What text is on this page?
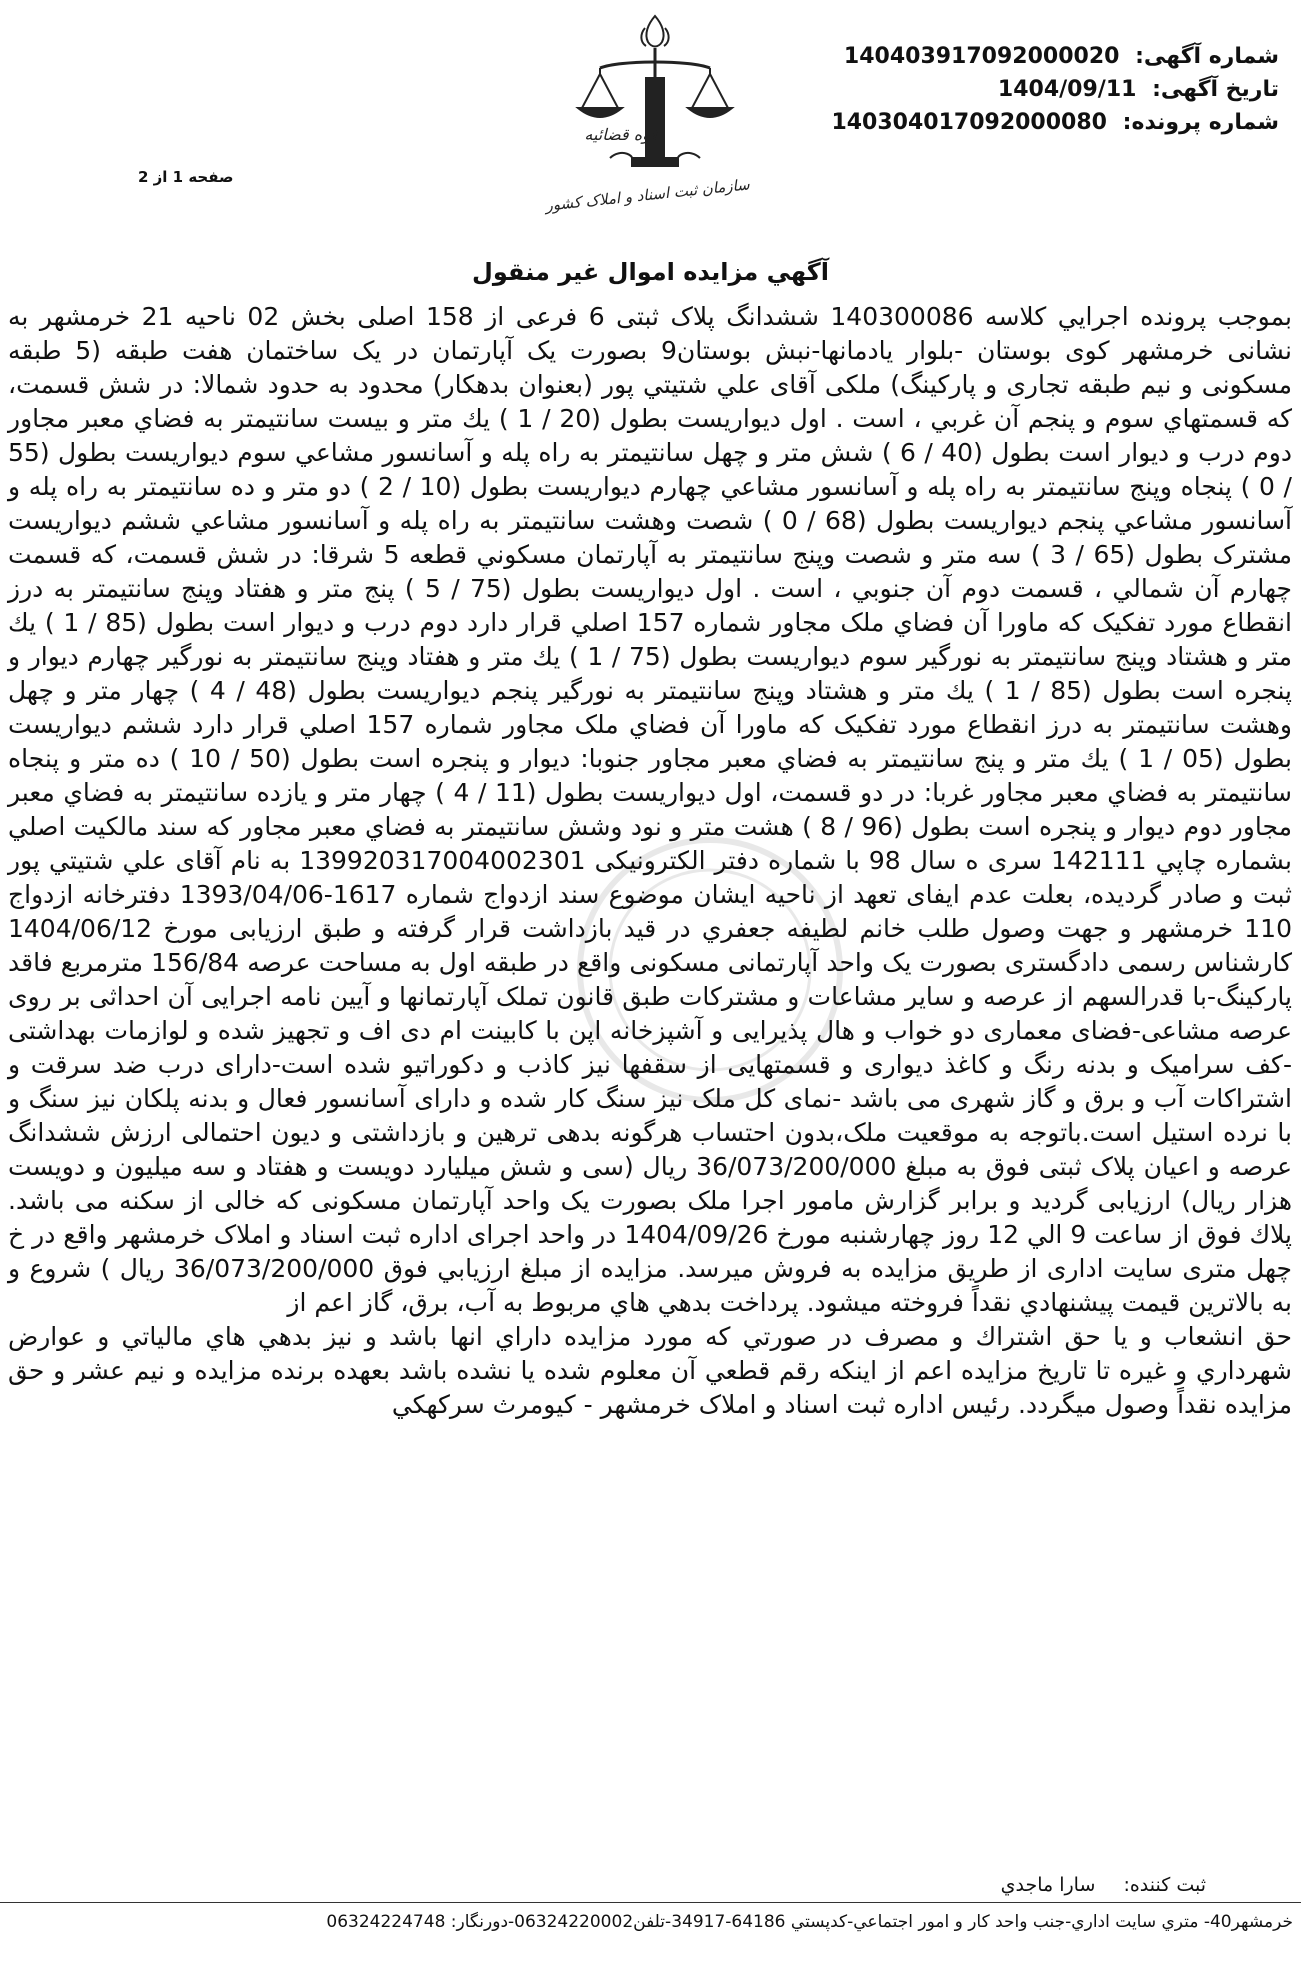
قوه قضائیه
سازمان ثبت اسناد و املاک کشور
شماره آگهی: 140403917092000020
تاریخ آگهی: 1404/09/11
شماره پرونده: 140304017092000080
صفحه 1 از 2
آگهي مزايده اموال غير منقول

بموجب پرونده اجرايي كلاسه 140300086 ششدانگ پلاک ثبتی 6 فرعی از 158 اصلی بخش 02 ناحیه 21 خرمشهر به نشانی خرمشهر کوی بوستان -بلوار یادمانها-نبش بوستان9 بصورت یک آپارتمان در یک ساختمان هفت طبقه (5 طبقه مسکونی و نیم طبقه تجاری و پارکینگ) ملکی آقای علي شتيتي پور (بعنوان بدهكار) محدود به حدود شمالا: در شش قسمت، كه قسمتهاي سوم و پنجم آن غربي ، است . اول ديواريست بطول (20 / 1 ) يك متر و بيست سانتيمتر به فضاي معبر مجاور دوم درب و ديوار است بطول (40 / 6 ) شش متر و چهل سانتيمتر به راه پله و آسانسور مشاعي سوم ديواريست بطول (55 / 0 ) پنجاه وپنج سانتيمتر به راه پله و آسانسور مشاعي چهارم ديواريست بطول (10 / 2 ) دو متر و ده سانتيمتر به راه پله و آسانسور مشاعي پنجم ديواريست بطول (68 / 0 ) شصت وهشت سانتيمتر به راه پله و آسانسور مشاعي ششم ديواريست مشترک بطول (65 / 3 ) سه متر و شصت وپنج سانتيمتر به آپارتمان مسكوني قطعه 5 شرقا: در شش قسمت، كه قسمت چهارم آن شمالي ، قسمت دوم آن جنوبي ، است . اول ديواريست بطول (75 / 5 ) پنج متر و هفتاد وپنج سانتيمتر به درز انقطاع مورد تفكيک كه ماورا آن فضاي ملک مجاور شماره 157 اصلي قرار دارد دوم درب و ديوار است بطول (85 / 1 ) يك متر و هشتاد وپنج سانتيمتر به نورگير سوم ديواريست بطول (75 / 1 ) يك متر و هفتاد وپنج سانتيمتر به نورگير چهارم ديوار و پنجره است بطول (85 / 1 ) يك متر و هشتاد وپنج سانتيمتر به نورگير پنجم ديواريست بطول (48 / 4 ) چهار متر و چهل وهشت سانتيمتر به درز انقطاع مورد تفكيک كه ماورا آن فضاي ملک مجاور شماره 157 اصلي قرار دارد ششم ديواريست بطول (05 / 1 ) يك متر و پنج سانتيمتر به فضاي معبر مجاور جنوبا: ديوار و پنجره است بطول (50 / 10 ) ده متر و پنجاه سانتيمتر به فضاي معبر مجاور غربا: در دو قسمت، اول ديواريست بطول (11 / 4 ) چهار متر و يازده سانتيمتر به فضاي معبر مجاور دوم ديوار و پنجره است بطول (96 / 8 ) هشت متر و نود وشش سانتيمتر به فضاي معبر مجاور كه سند مالكيت اصلي بشماره چاپي 142111 سری ه سال 98 با شماره دفتر الکترونیکی 139920317004002301 به نام آقای علي شتيتي پور ثبت و صادر گرديده، بعلت عدم ایفای تعهد از ناحیه ایشان موضوع سند ازدواج شماره 1617-1393/04/06 دفترخانه ازدواج 110 خرمشهر و جهت وصول طلب خانم لطیفه جعفري در قید بازداشت قرار گرفته و طبق ارزيابی مورخ 1404/06/12 کارشناس رسمی دادگستری بصورت یک واحد آپارتمانی مسکونی واقع در طبقه اول به مساحت عرصه 156/84 مترمربع فاقد پارکینگ-با قدرالسهم از عرصه و سایر مشاعات و مشترکات طبق قانون تملک آپارتمانها و آیین نامه اجرایی آن احداثی بر روی عرصه مشاعی-فضای معماری دو خواب و هال پذیرایی و آشپزخانه اپن با کابینت ام دی اف و تجهیز شده و لوازمات بهداشتی -کف سرامیک و بدنه رنگ و کاغذ دیواری و قسمتهایی از سقفها نیز کاذب و دکوراتیو شده است-دارای درب ضد سرقت و اشتراکات آب و برق و گاز شهری می باشد -نمای کل ملک نیز سنگ کار شده و دارای آسانسور فعال و بدنه پلکان نیز سنگ و با نرده استیل است.باتوجه به موقعیت ملک،بدون احتساب هرگونه بدهی ترهین و بازداشتی و دیون احتمالی ارزش ششدانگ عرصه و اعیان پلاک ثبتی فوق به مبلغ 36/073/200/000 ریال (سی و شش میلیارد دویست و هفتاد و سه میلیون و دویست هزار ریال) ارزیابی گردید و برابر گزارش مامور اجرا ملک بصورت یک واحد آپارتمان مسکونی که خالی از سکنه می باشد. پلاك فوق از ساعت 9 الي 12 روز چهارشنبه مورخ 1404/09/26 در واحد اجرای اداره ثبت اسناد و املاک خرمشهر واقع در خ چهل متری سایت اداری از طريق مزايده به فروش ميرسد. مزايده از مبلغ ارزيابي فوق 36/073/200/000 ريال ) شروع و به بالاترين قيمت پيشنهادي نقداً فروخته ميشود. پرداخت بدهي هاي مربوط به آب، برق، گاز اعم از

حق انشعاب و يا حق اشتراك و مصرف در صورتي كه مورد مزايده داراي انها باشد و نيز بدهي هاي مالياتي و عوارض شهرداري و غيره تا تاريخ مزايده اعم از اينكه رقم قطعي آن معلوم شده يا نشده باشد بعهده برنده مزايده و نيم عشر و حق مزايده نقداً وصول ميگردد. رئیس اداره ثبت اسناد و املاک خرمشهر - کیومرث سرکهکي

ثبت کننده: سارا ماجدي
خرمشهر40- متري سايت اداري-جنب واحد کار و امور اجتماعي-کدپستي 64186-34917-تلفن06324220002-دورنگار: 06324224748
